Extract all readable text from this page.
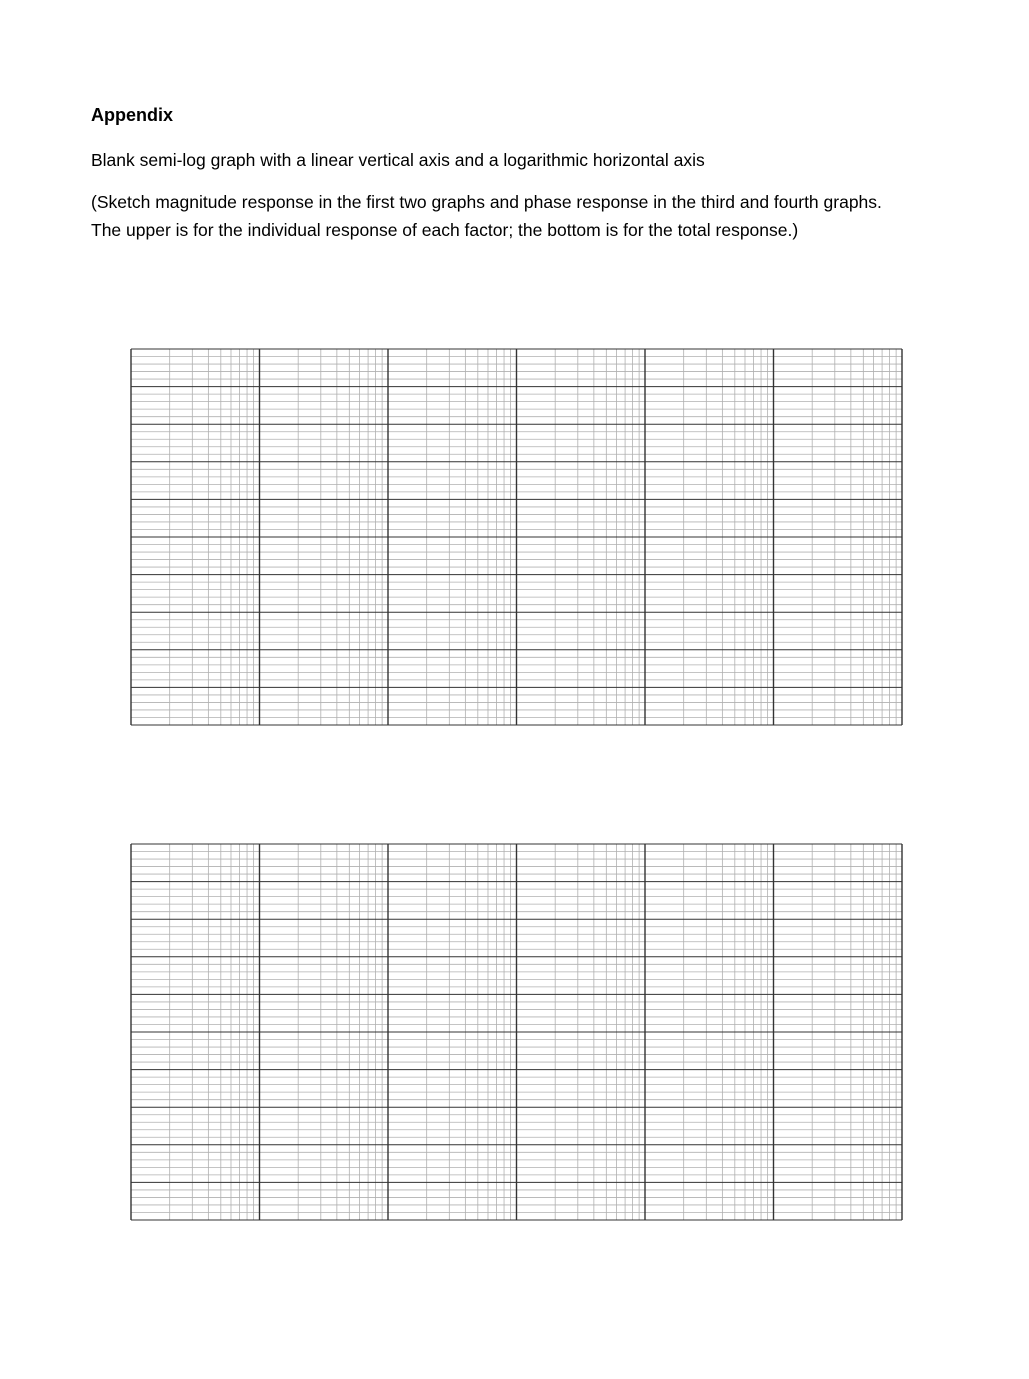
Appendix

Blank semi-log graph with a linear vertical axis and a logarithmic horizontal axis

(Sketch magnitude response in the first two graphs and phase response in the third and fourth graphs.
The upper is for the individual response of each factor; the bottom is for the total response.)
